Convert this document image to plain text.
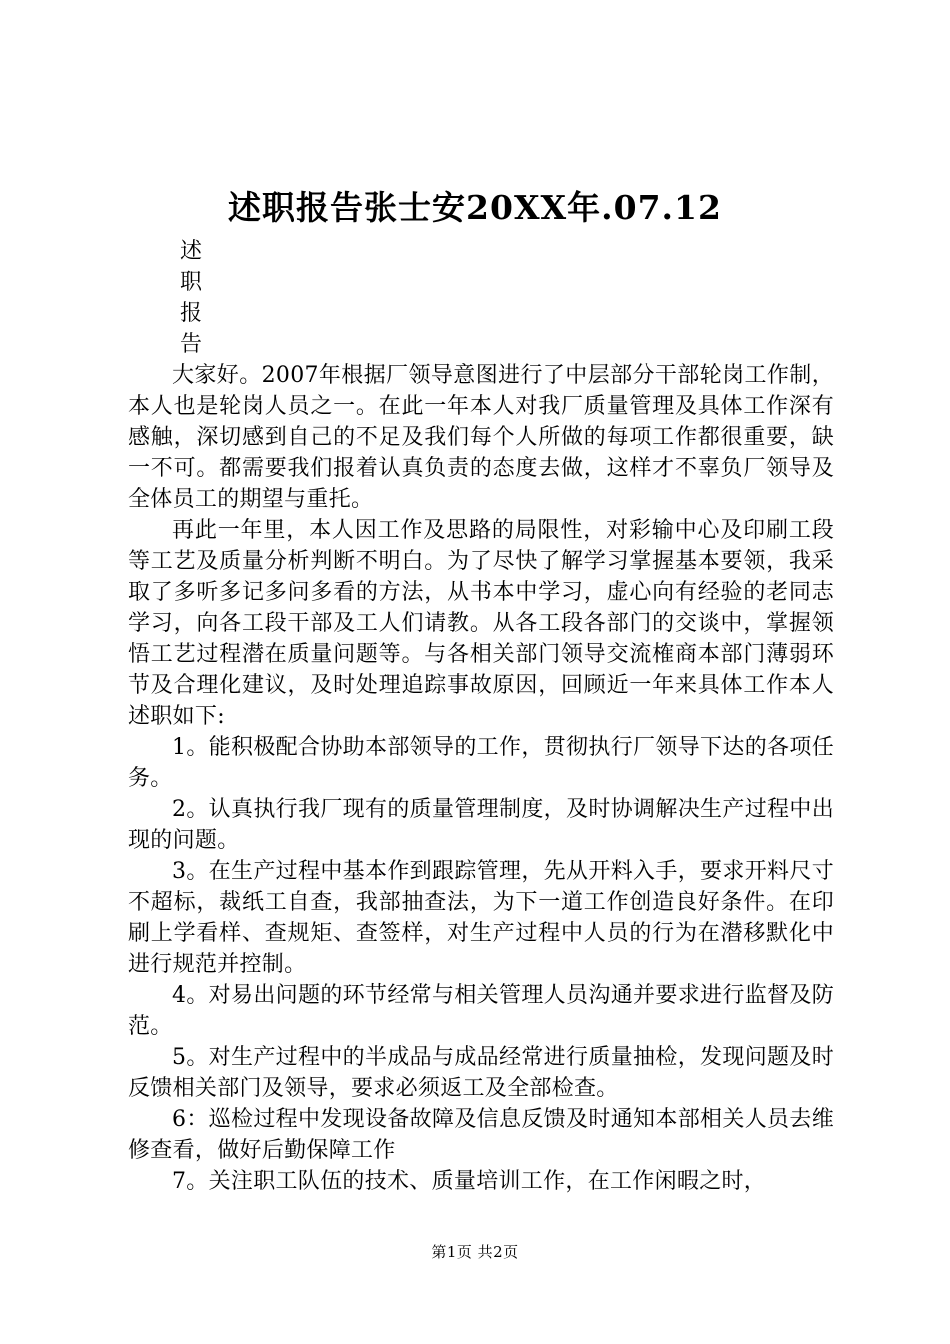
述职报告张士安20XX年.07.12
述
职
报
告

大家好。2007年根据厂领导意图进行了中层部分干部轮岗工作制，本人也是轮岗人员之一。在此一年本人对我厂质量管理及具体工作深有感触，深切感到自己的不足及我们每个人所做的每项工作都很重要，缺一不可。都需要我们报着认真负责的态度去做，这样才不辜负厂领导及全体员工的期望与重托。

再此一年里，本人因工作及思路的局限性，对彩输中心及印刷工段等工艺及质量分析判断不明白。为了尽快了解学习掌握基本要领，我采取了多听多记多问多看的方法，从书本中学习，虚心向有经验的老同志学习，向各工段干部及工人们请教。从各工段各部门的交谈中，掌握领悟工艺过程潜在质量问题等。与各相关部门领导交流榷商本部门薄弱环节及合理化建议，及时处理追踪事故原因，回顾近一年来具体工作本人述职如下:

1。能积极配合协助本部领导的工作，贯彻执行厂领导下达的各项任务。

2。认真执行我厂现有的质量管理制度，及时协调解决生产过程中出现的问题。

3。在生产过程中基本作到跟踪管理，先从开料入手，要求开料尺寸不超标，裁纸工自查，我部抽查法，为下一道工作创造良好条件。在印刷上学看样、查规矩、查签样，对生产过程中人员的行为在潜移默化中进行规范并控制。

4。对易出问题的环节经常与相关管理人员沟通并要求进行监督及防范。

5。对生产过程中的半成品与成品经常进行质量抽检，发现问题及时反馈相关部门及领导，要求必须返工及全部检查。

6：巡检过程中发现设备故障及信息反馈及时通知本部相关人员去维修查看，做好后勤保障工作

7。关注职工队伍的技术、质量培训工作，在工作闲暇之时，

第1页 共2页
